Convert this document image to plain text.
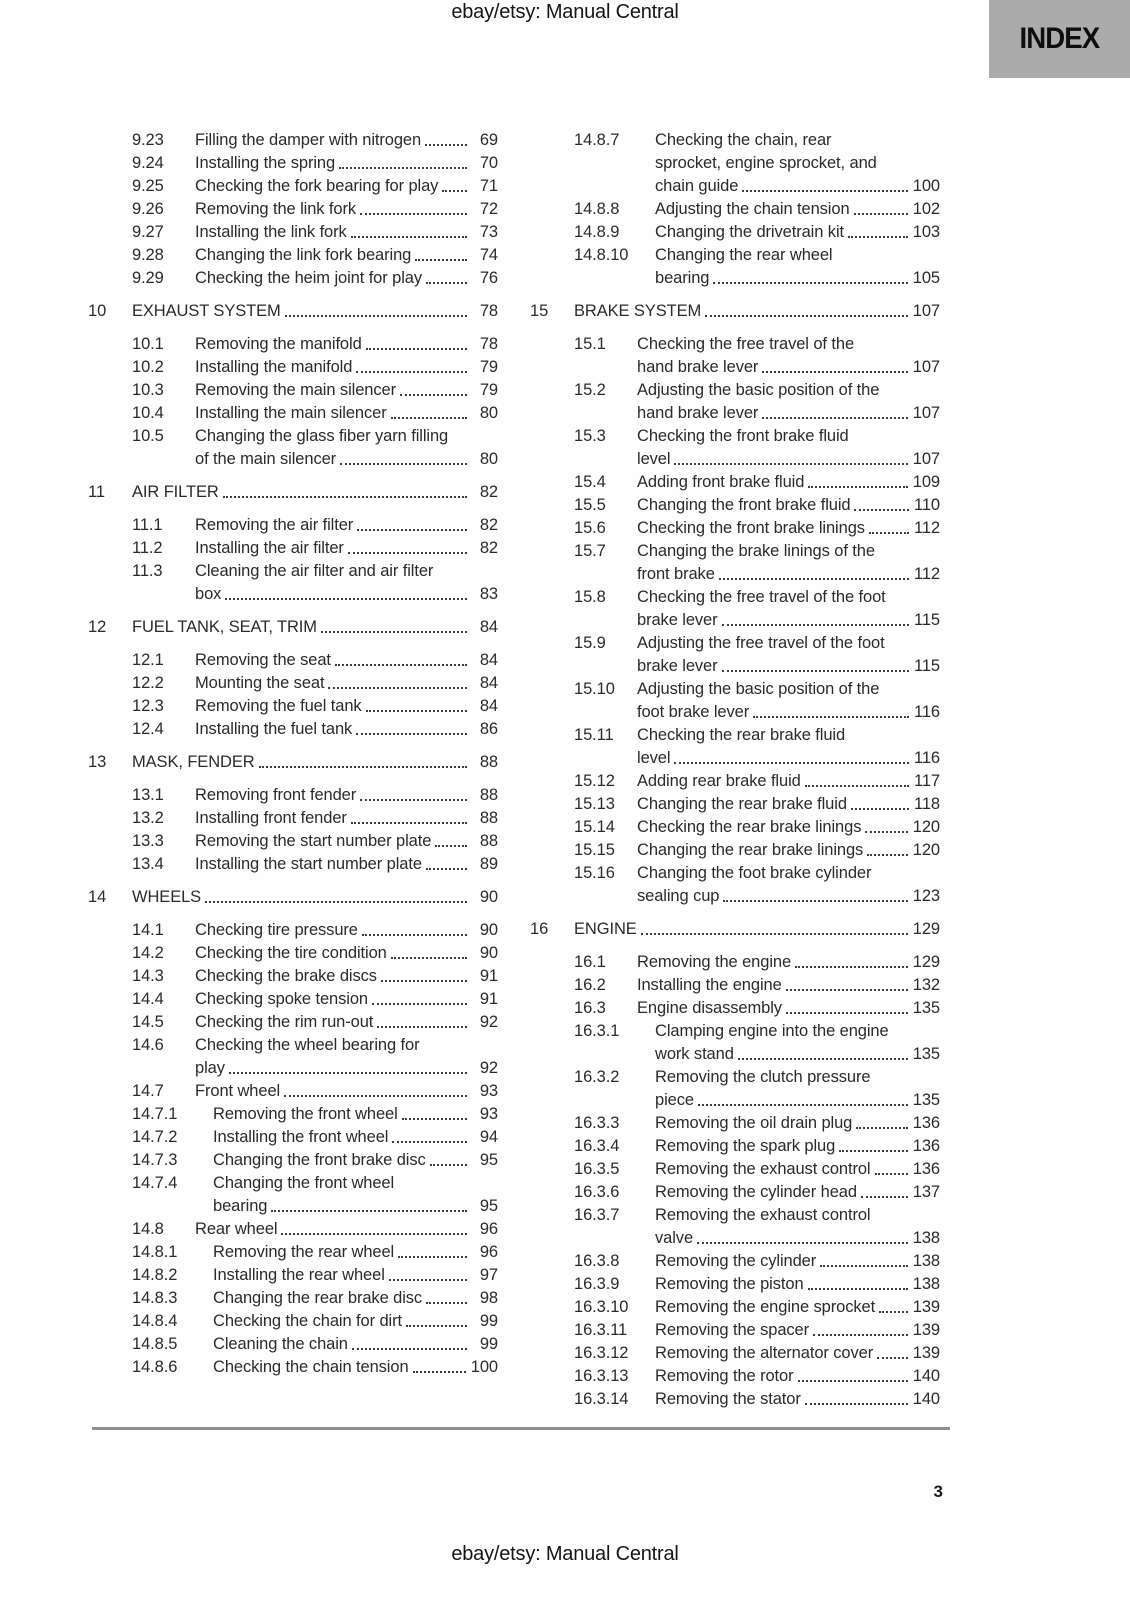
ebay/etsy: Manual Central
INDEX
9.23	Filling the damper with nitrogen	69
9.24	Installing the spring	70
9.25	Checking the fork bearing for play	71
9.26	Removing the link fork	72
9.27	Installing the link fork	73
9.28	Changing the link fork bearing	74
9.29	Checking the heim joint for play	76
10	EXHAUST SYSTEM	78
10.1	Removing the manifold	78
10.2	Installing the manifold	79
10.3	Removing the main silencer	79
10.4	Installing the main silencer	80
10.5	Changing the glass fiber yarn filling
of the main silencer	80
11	AIR FILTER	82
11.1	Removing the air filter	82
11.2	Installing the air filter	82
11.3	Cleaning the air filter and air filter
box	83
12	FUEL TANK, SEAT, TRIM	84
12.1	Removing the seat	84
12.2	Mounting the seat	84
12.3	Removing the fuel tank	84
12.4	Installing the fuel tank	86
13	MASK, FENDER	88
13.1	Removing front fender	88
13.2	Installing front fender	88
13.3	Removing the start number plate	88
13.4	Installing the start number plate	89
14	WHEELS	90
14.1	Checking tire pressure	90
14.2	Checking the tire condition	90
14.3	Checking the brake discs	91
14.4	Checking spoke tension	91
14.5	Checking the rim run-out	92
14.6	Checking the wheel bearing for
play	92
14.7	Front wheel	93
14.7.1	Removing the front wheel	93
14.7.2	Installing the front wheel	94
14.7.3	Changing the front brake disc	95
14.7.4	Changing the front wheel
bearing	95
14.8	Rear wheel	96
14.8.1	Removing the rear wheel	96
14.8.2	Installing the rear wheel	97
14.8.3	Changing the rear brake disc	98
14.8.4	Checking the chain for dirt	99
14.8.5	Cleaning the chain	99
14.8.6	Checking the chain tension	100
14.8.7	Checking the chain, rear
sprocket, engine sprocket, and
chain guide	100
14.8.8	Adjusting the chain tension	102
14.8.9	Changing the drivetrain kit	103
14.8.10	Changing the rear wheel
bearing	105
15	BRAKE SYSTEM	107
15.1	Checking the free travel of the
hand brake lever	107
15.2	Adjusting the basic position of the
hand brake lever	107
15.3	Checking the front brake fluid
level	107
15.4	Adding front brake fluid	109
15.5	Changing the front brake fluid	110
15.6	Checking the front brake linings	112
15.7	Changing the brake linings of the
front brake	112
15.8	Checking the free travel of the foot
brake lever	115
15.9	Adjusting the free travel of the foot
brake lever	115
15.10	Adjusting the basic position of the
foot brake lever	116
15.11	Checking the rear brake fluid
level	116
15.12	Adding rear brake fluid	117
15.13	Changing the rear brake fluid	118
15.14	Checking the rear brake linings	120
15.15	Changing the rear brake linings	120
15.16	Changing the foot brake cylinder
sealing cup	123
16	ENGINE	129
16.1	Removing the engine	129
16.2	Installing the engine	132
16.3	Engine disassembly	135
16.3.1	Clamping engine into the engine
work stand	135
16.3.2	Removing the clutch pressure
piece	135
16.3.3	Removing the oil drain plug	136
16.3.4	Removing the spark plug	136
16.3.5	Removing the exhaust control	136
16.3.6	Removing the cylinder head	137
16.3.7	Removing the exhaust control
valve	138
16.3.8	Removing the cylinder	138
16.3.9	Removing the piston	138
16.3.10	Removing the engine sprocket 139
16.3.11	Removing the spacer	139
16.3.12	Removing the alternator cover 139
16.3.13	Removing the rotor	140
16.3.14	Removing the stator	140
3
ebay/etsy: Manual Central
